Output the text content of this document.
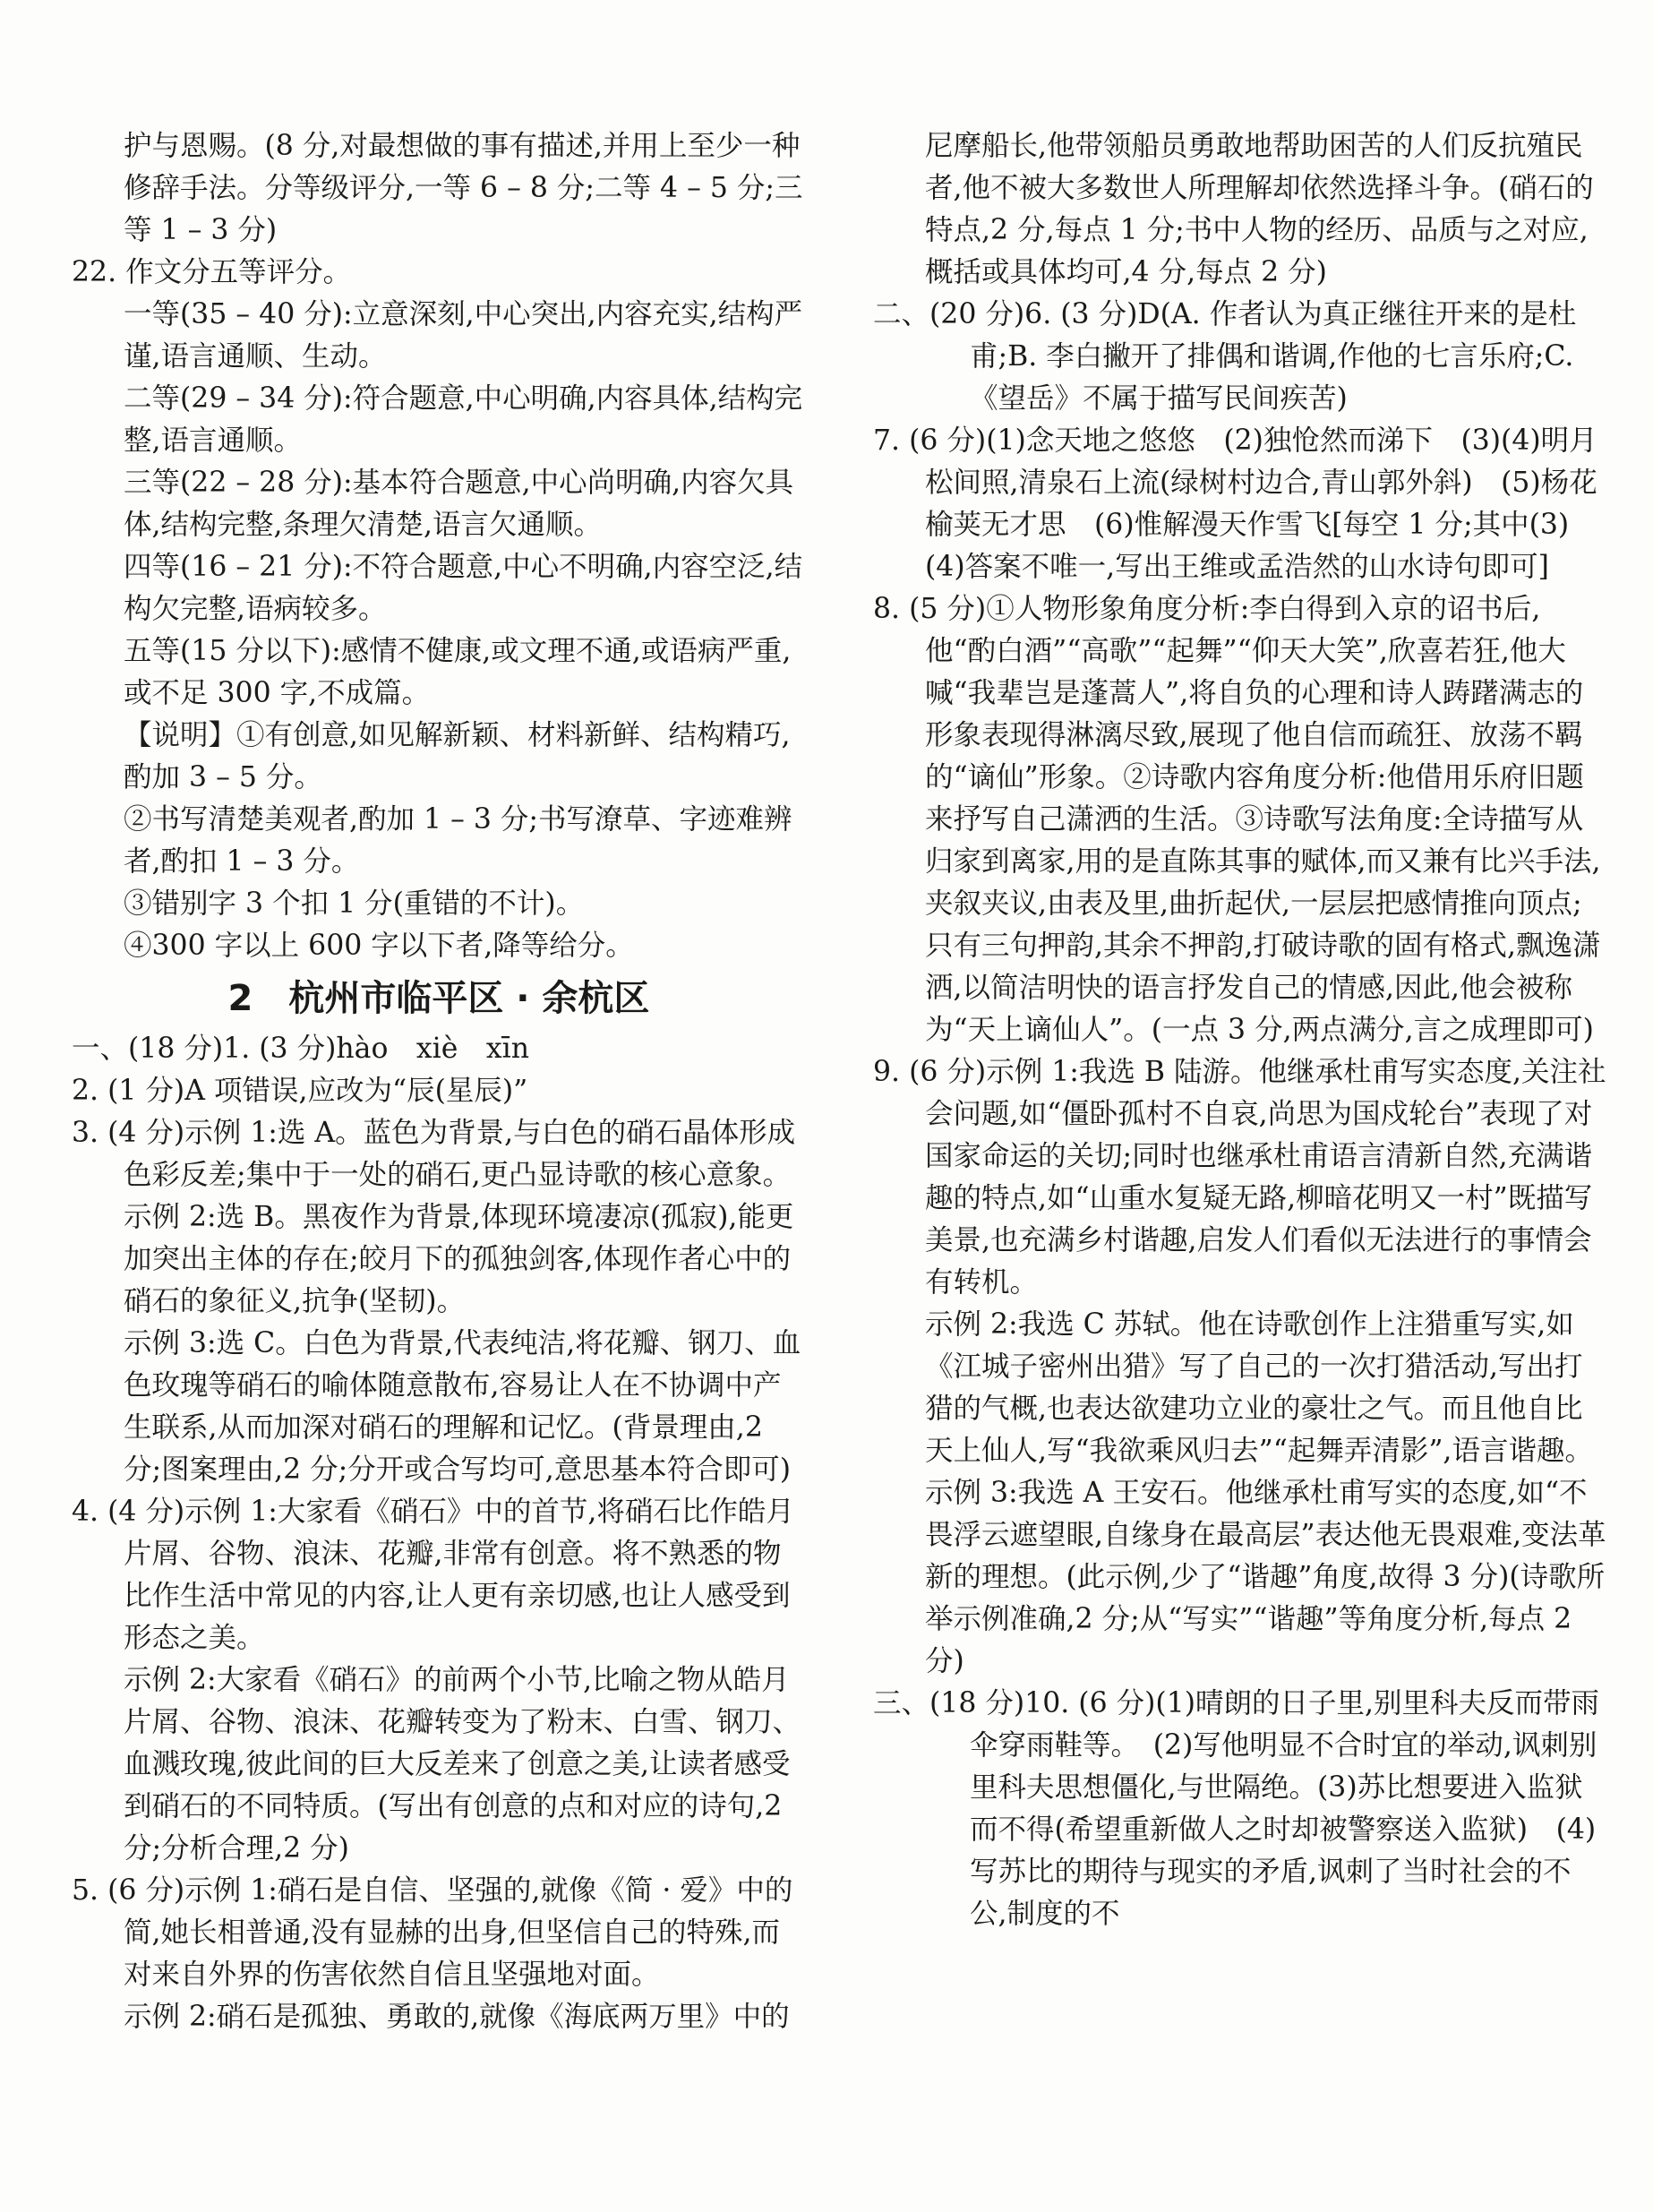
护与恩赐。(8 分,对最想做的事有描述,并用上至少一种修辞手法。分等级评分,一等 6 – 8 分;二等 4 – 5 分;三等 1 – 3 分)

22. 作文分五等评分。

一等(35 – 40 分):立意深刻,中心突出,内容充实,结构严谨,语言通顺、生动。

二等(29 – 34 分):符合题意,中心明确,内容具体,结构完整,语言通顺。

三等(22 – 28 分):基本符合题意,中心尚明确,内容欠具体,结构完整,条理欠清楚,语言欠通顺。

四等(16 – 21 分):不符合题意,中心不明确,内容空泛,结构欠完整,语病较多。

五等(15 分以下):感情不健康,或文理不通,或语病严重,或不足 300 字,不成篇。

【说明】①有创意,如见解新颖、材料新鲜、结构精巧,酌加 3 – 5 分。

②书写清楚美观者,酌加 1 – 3 分;书写潦草、字迹难辨者,酌扣 1 – 3 分。

③错别字 3 个扣 1 分(重错的不计)。

④300 字以上 600 字以下者,降等给分。

2　杭州市临平区 · 余杭区

一、(18 分)1. (3 分)hào　xiè　xīn

2. (1 分)A 项错误,应改为“辰(星辰)”

3. (4 分)示例 1:选 A。蓝色为背景,与白色的硝石晶体形成色彩反差;集中于一处的硝石,更凸显诗歌的核心意象。

示例 2:选 B。黑夜作为背景,体现环境凄凉(孤寂),能更加突出主体的存在;皎月下的孤独剑客,体现作者心中的硝石的象征义,抗争(坚韧)。

示例 3:选 C。白色为背景,代表纯洁,将花瓣、钢刀、血色玫瑰等硝石的喻体随意散布,容易让人在不协调中产生联系,从而加深对硝石的理解和记忆。(背景理由,2 分;图案理由,2 分;分开或合写均可,意思基本符合即可)

4. (4 分)示例 1:大家看《硝石》中的首节,将硝石比作皓月片屑、谷物、浪沫、花瓣,非常有创意。将不熟悉的物比作生活中常见的内容,让人更有亲切感,也让人感受到形态之美。

示例 2:大家看《硝石》的前两个小节,比喻之物从皓月片屑、谷物、浪沫、花瓣转变为了粉末、白雪、钢刀、血溅玫瑰,彼此间的巨大反差来了创意之美,让读者感受到硝石的不同特质。(写出有创意的点和对应的诗句,2 分;分析合理,2 分)

5. (6 分)示例 1:硝石是自信、坚强的,就像《简 · 爱》中的简,她长相普通,没有显赫的出身,但坚信自己的特殊,而对来自外界的伤害依然自信且坚强地对面。

示例 2:硝石是孤独、勇敢的,就像《海底两万里》中的

尼摩船长,他带领船员勇敢地帮助困苦的人们反抗殖民者,他不被大多数世人所理解却依然选择斗争。(硝石的特点,2 分,每点 1 分;书中人物的经历、品质与之对应,概括或具体均可,4 分,每点 2 分)

二、(20 分)6. (3 分)D(A. 作者认为真正继往开来的是杜甫;B. 李白撇开了排偶和谐调,作他的七言乐府;C.《望岳》不属于描写民间疾苦)

7. (6 分)(1)念天地之悠悠　(2)独怆然而涕下　(3)(4)明月松间照,清泉石上流(绿树村边合,青山郭外斜)　(5)杨花榆荚无才思　(6)惟解漫天作雪飞[每空 1 分;其中(3)(4)答案不唯一,写出王维或孟浩然的山水诗句即可]

8. (5 分)①人物形象角度分析:李白得到入京的诏书后,他“酌白酒”“高歌”“起舞”“仰天大笑”,欣喜若狂,他大喊“我辈岂是蓬蒿人”,将自负的心理和诗人踌躇满志的形象表现得淋漓尽致,展现了他自信而疏狂、放荡不羁的“谪仙”形象。②诗歌内容角度分析:他借用乐府旧题来抒写自己潇洒的生活。③诗歌写法角度:全诗描写从归家到离家,用的是直陈其事的赋体,而又兼有比兴手法,夹叙夹议,由表及里,曲折起伏,一层层把感情推向顶点;只有三句押韵,其余不押韵,打破诗歌的固有格式,飘逸潇洒,以简洁明快的语言抒发自己的情感,因此,他会被称为“天上谪仙人”。(一点 3 分,两点满分,言之成理即可)

9. (6 分)示例 1:我选 B 陆游。他继承杜甫写实态度,关注社会问题,如“僵卧孤村不自哀,尚思为国戍轮台”表现了对国家命运的关切;同时也继承杜甫语言清新自然,充满谐趣的特点,如“山重水复疑无路,柳暗花明又一村”既描写美景,也充满乡村谐趣,启发人们看似无法进行的事情会有转机。

示例 2:我选 C 苏轼。他在诗歌创作上注猎重写实,如《江城子密州出猎》写了自己的一次打猎活动,写出打猎的气概,也表达欲建功立业的豪壮之气。而且他自比天上仙人,写“我欲乘风归去”“起舞弄清影”,语言谐趣。

示例 3:我选 A 王安石。他继承杜甫写实的态度,如“不畏浮云遮望眼,自缘身在最高层”表达他无畏艰难,变法革新的理想。(此示例,少了“谐趣”角度,故得 3 分)(诗歌所举示例准确,2 分;从“写实”“谐趣”等角度分析,每点 2 分)

三、(18 分)10. (6 分)(1)晴朗的日子里,别里科夫反而带雨伞穿雨鞋等。　(2)写他明显不合时宜的举动,讽刺别里科夫思想僵化,与世隔绝。(3)苏比想要进入监狱而不得(希望重新做人之时却被警察送入监狱)　(4)写苏比的期待与现实的矛盾,讽刺了当时社会的不公,制度的不
